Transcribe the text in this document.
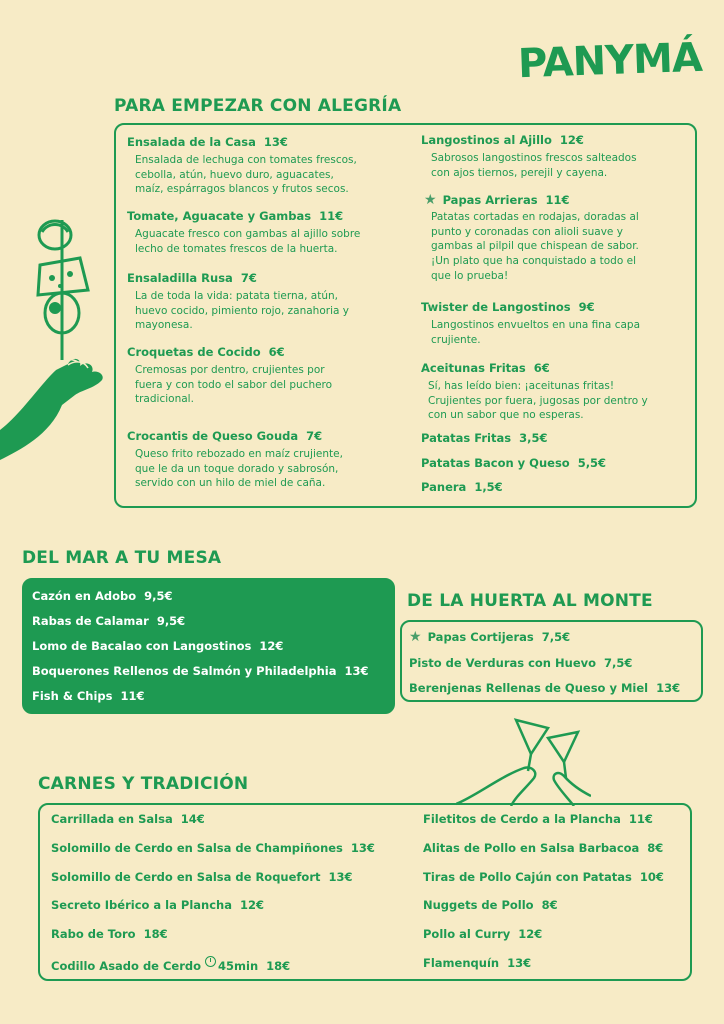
PANYMÁ
PARA EMPEZAR CON ALEGRÍA
DEL MAR A TU MESA
Cazón en Adobo 9,5€
Rabas de Calamar 9,5€
Lomo de Bacalao con Langostinos 12€
Boquerones Rellenos de Salmón y Philadelphia 13€
Fish & Chips 11€
DE LA HUERTA AL MONTE
★ Papas Cortijeras 7,5€
Pisto de Verduras con Huevo 7,5€
Berenjenas Rellenas de Queso y Miel 13€
CARNES Y TRADICIÓN
Carrillada en Salsa 14€
Solomillo de Cerdo en Salsa de Champiñones 13€
Solomillo de Cerdo en Salsa de Roquefort 13€
Secreto Ibérico a la Plancha 12€
Rabo de Toro 18€
Codillo Asado de Cerdo 45min 18€
Filetitos de Cerdo a la Plancha 11€
Alitas de Pollo en Salsa Barbacoa 8€
Tiras de Pollo Cajún con Patatas 10€
Nuggets de Pollo 8€
Pollo al Curry 12€
Flamenquín 13€
Ensalada de la Casa 13€
Ensalada de lechuga con tomates frescos,
cebolla, atún, huevo duro, aguacates,
maíz, espárragos blancos y frutos secos.
Tomate, Aguacate y Gambas 11€
Aguacate fresco con gambas al ajillo sobre
lecho de tomates frescos de la huerta.
Ensaladilla Rusa 7€
La de toda la vida: patata tierna, atún,
huevo cocido, pimiento rojo, zanahoria y
mayonesa.
Croquetas de Cocido 6€
Cremosas por dentro, crujientes por
fuera y con todo el sabor del puchero
tradicional.
Crocantis de Queso Gouda 7€
Queso frito rebozado en maíz crujiente,
que le da un toque dorado y sabrosón,
servido con un hilo de miel de caña.
Langostinos al Ajillo 12€
Sabrosos langostinos frescos salteados
con ajos tiernos, perejil y cayena.
★ Papas Arrieras 11€
Patatas cortadas en rodajas, doradas al
punto y coronadas con alioli suave y
gambas al pilpil que chispean de sabor.
¡Un plato que ha conquistado a todo el
que lo prueba!
Twister de Langostinos 9€
Langostinos envueltos en una fina capa
crujiente.
Aceitunas Fritas 6€
Sí, has leído bien: ¡aceitunas fritas!
Crujientes por fuera, jugosas por dentro y
con un sabor que no esperas.
Patatas Fritas 3,5€
Patatas Bacon y Queso 5,5€
Panera 1,5€
